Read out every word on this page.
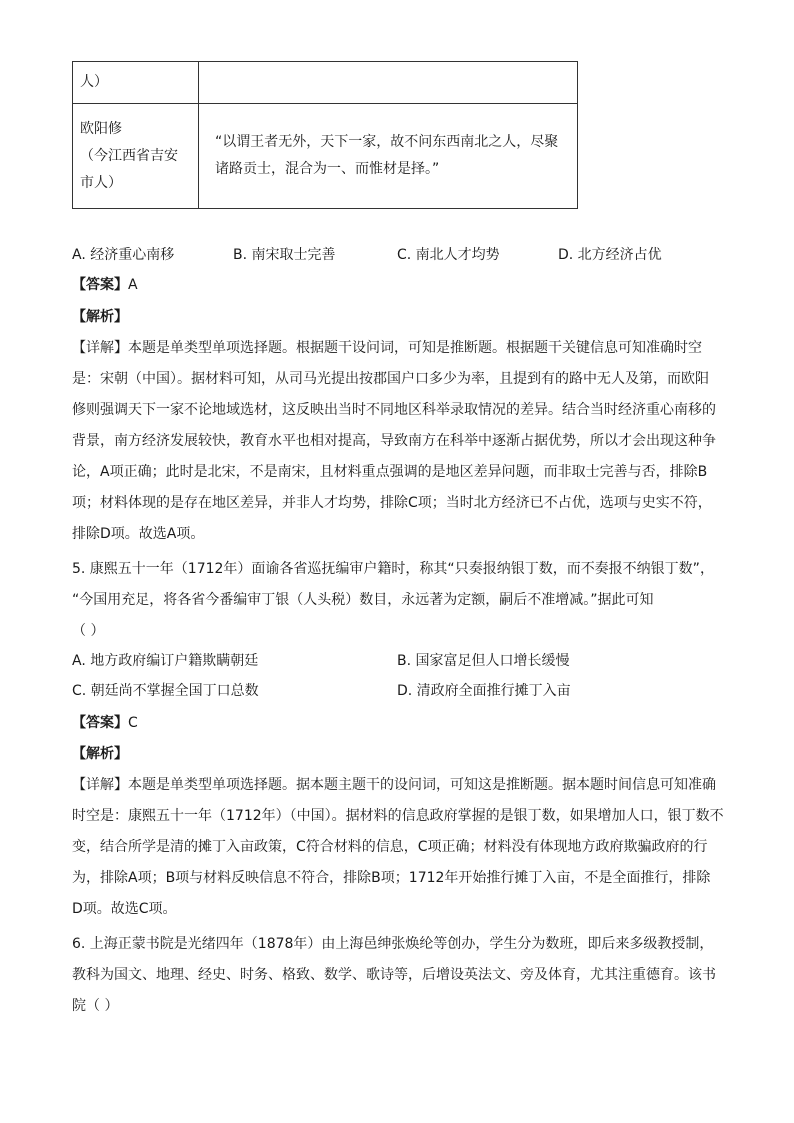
人）	

欧阳修
（今江西省吉安
市人）	“以谓王者无外，天下一家，故不问东西南北之人，尽聚
诸路贡士，混合为一、而惟材是择。”
A. 经济重心南移	B. 南宋取士完善	C. 南北人才均势	D. 北方经济占优
【答案】A
【解析】
【详解】本题是单类型单项选择题。根据题干设问词，可知是推断题。根据题干关键信息可知准确时空
是：宋朝（中国）。据材料可知，从司马光提出按郡国户口多少为率，且提到有的路中无人及第，而欧阳
修则强调天下一家不论地域选材，这反映出当时不同地区科举录取情况的差异。结合当时经济重心南移的
背景，南方经济发展较快，教育水平也相对提高，导致南方在科举中逐渐占据优势，所以才会出现这种争
论，A项正确；此时是北宋，不是南宋，且材料重点强调的是地区差异问题，而非取士完善与否，排除B
项；材料体现的是存在地区差异，并非人才均势，排除C项；当时北方经济已不占优，选项与史实不符，
排除D项。故选A项。
5. 康熙五十一年（1712年）面谕各省巡抚编审户籍时，称其“只奏报纳银丁数，而不奏报不纳银丁数”，
“今国用充足，将各省今番编审丁银（人头税）数目，永远著为定额，嗣后不准增减。”据此可知
（ ）
A. 地方政府编订户籍欺瞒朝廷	B. 国家富足但人口增长缓慢
C. 朝廷尚不掌握全国丁口总数	D. 清政府全面推行摊丁入亩
【答案】C
【解析】
【详解】本题是单类型单项选择题。据本题主题干的设问词，可知这是推断题。据本题时间信息可知准确
时空是：康熙五十一年（1712年）（中国）。据材料的信息政府掌握的是银丁数，如果增加人口，银丁数不
变，结合所学是清的摊丁入亩政策，C符合材料的信息，C项正确；材料没有体现地方政府欺骗政府的行
为，排除A项；B项与材料反映信息不符合，排除B项；1712年开始推行摊丁入亩，不是全面推行，排除
D项。故选C项。
6. 上海正蒙书院是光绪四年（1878年）由上海邑绅张焕纶等创办，学生分为数班，即后来多级教授制，
教科为国文、地理、经史、时务、格致、数学、歌诗等，后增设英法文、旁及体育，尤其注重德育。该书
院（ ）
